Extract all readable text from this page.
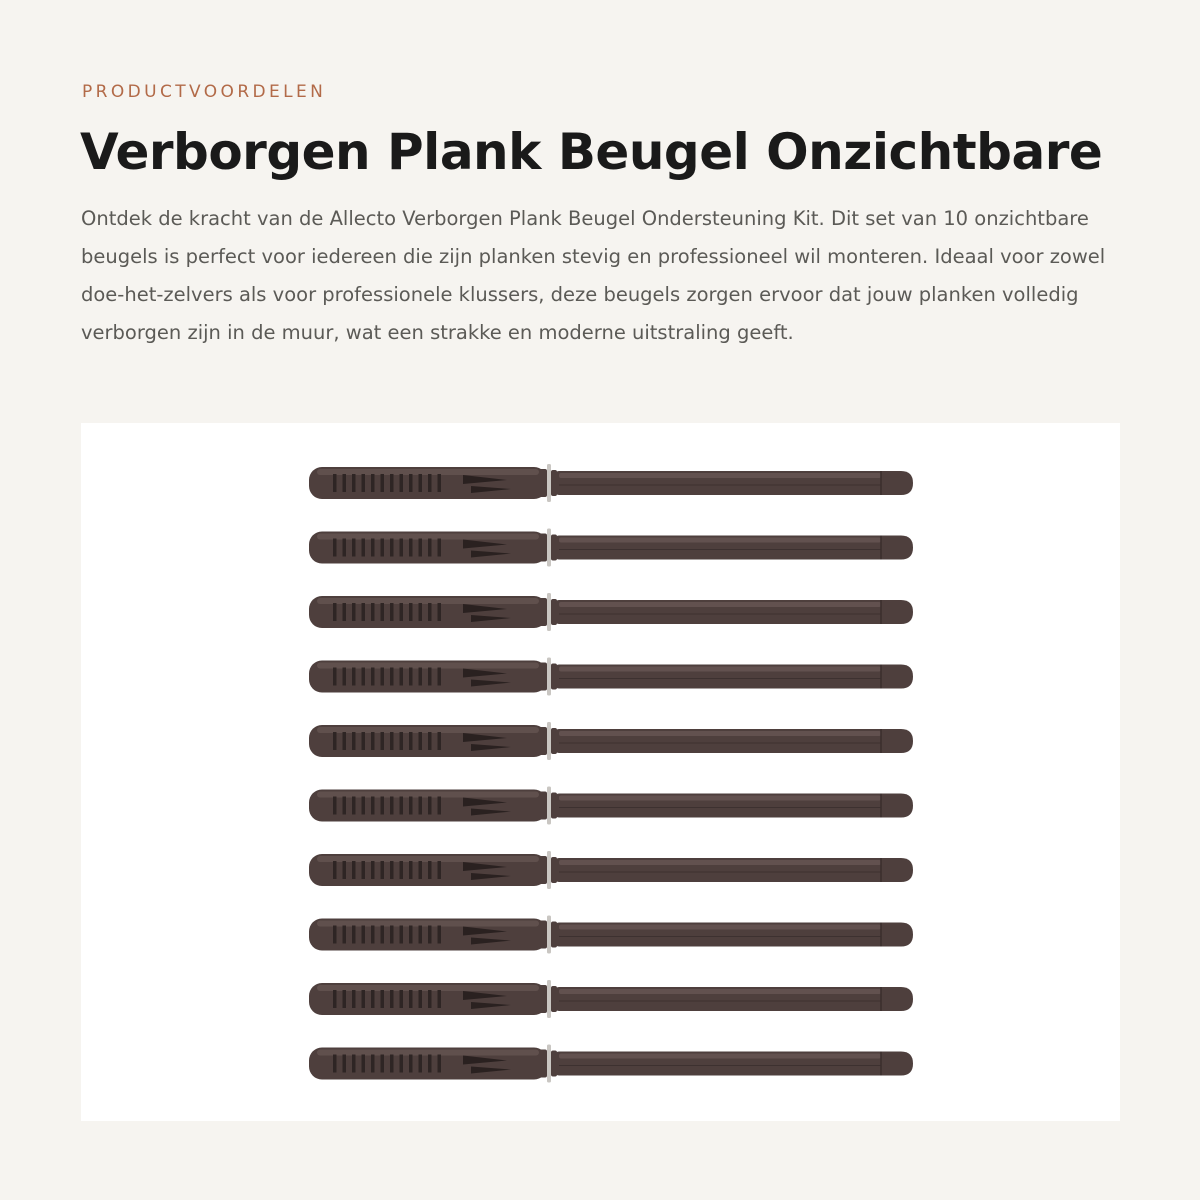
PRODUCTVOORDELEN

Verborgen Plank Beugel Onzichtbare

Ontdek de kracht van de Allecto Verborgen Plank Beugel Ondersteuning Kit. Dit set van 10 onzichtbare beugels is perfect voor iedereen die zijn planken stevig en professioneel wil monteren. Ideaal voor zowel doe-het-zelvers als voor professionele klussers, deze beugels zorgen ervoor dat jouw planken volledig verborgen zijn in de muur, wat een strakke en moderne uitstraling geeft.
